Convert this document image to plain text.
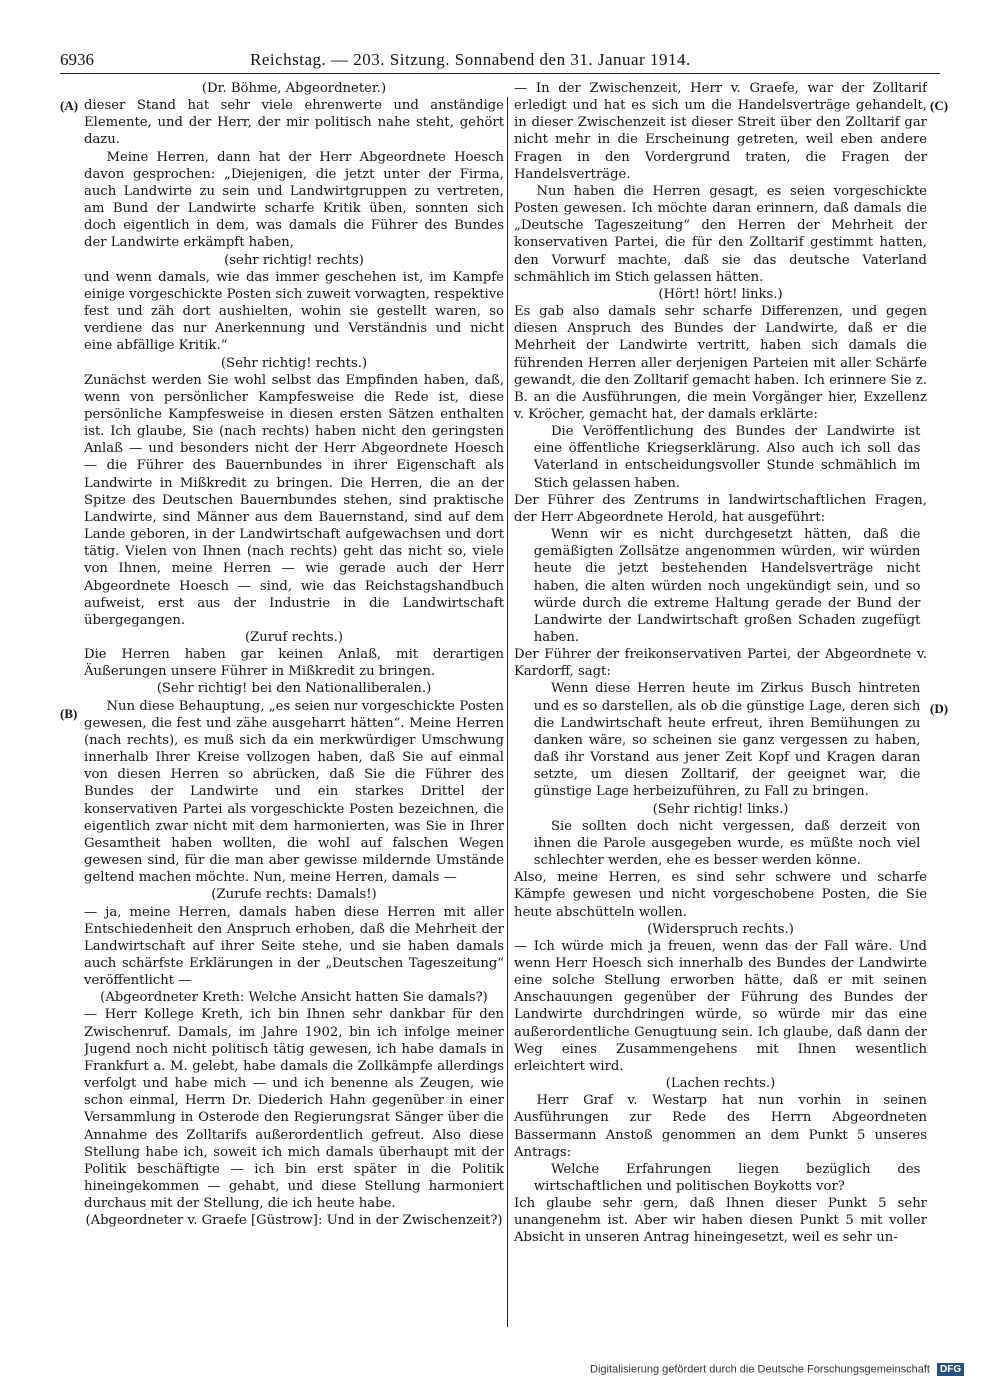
6936	Reichstag. — 203. Sitzung. Sonnabend den 31. Januar 1914.
(A)
(B)
(C)
(D)

(Dr. Böhme, Abgeordneter.)

dieser Stand hat sehr viele ehrenwerte und anständige Elemente, und der Herr, der mir politisch nahe steht, gehört dazu.

Meine Herren, dann hat der Herr Abgeordnete Hoesch davon gesprochen: „Diejenigen, die jetzt unter der Firma, auch Landwirte zu sein und Landwirtgruppen zu vertreten, am Bund der Landwirte scharfe Kritik üben, sonnten sich doch eigentlich in dem, was damals die Führer des Bundes der Landwirte erkämpft haben,

(sehr richtig! rechts)

und wenn damals, wie das immer geschehen ist, im Kampfe einige vorgeschickte Posten sich zuweit vorwagten, respektive fest und zäh dort aushielten, wohin sie gestellt waren, so verdiene das nur Anerkennung und Verständnis und nicht eine abfällige Kritik.“

(Sehr richtig! rechts.)

Zunächst werden Sie wohl selbst das Empfinden haben, daß, wenn von persönlicher Kampfesweise die Rede ist, diese persönliche Kampfesweise in diesen ersten Sätzen enthalten ist. Ich glaube, Sie (nach rechts) haben nicht den geringsten Anlaß — und besonders nicht der Herr Abgeordnete Hoesch — die Führer des Bauernbundes in ihrer Eigenschaft als Landwirte in Mißkredit zu bringen. Die Herren, die an der Spitze des Deutschen Bauernbundes stehen, sind praktische Landwirte, sind Männer aus dem Bauernstand, sind auf dem Lande geboren, in der Landwirtschaft aufgewachsen und dort tätig. Vielen von Ihnen (nach rechts) geht das nicht so, viele von Ihnen, meine Herren — wie gerade auch der Herr Abgeordnete Hoesch — sind, wie das Reichstagshandbuch aufweist, erst aus der Industrie in die Landwirtschaft übergegangen.

(Zuruf rechts.)

Die Herren haben gar keinen Anlaß, mit derartigen Äußerungen unsere Führer in Mißkredit zu bringen.

(Sehr richtig! bei den Nationalliberalen.)

Nun diese Behauptung, „es seien nur vorgeschickte Posten gewesen, die fest und zähe ausgeharrt hätten“. Meine Herren (nach rechts), es muß sich da ein merkwürdiger Umschwung innerhalb Ihrer Kreise vollzogen haben, daß Sie auf einmal von diesen Herren so abrücken, daß Sie die Führer des Bundes der Landwirte und ein starkes Drittel der konservativen Partei als vorgeschickte Posten bezeichnen, die eigentlich zwar nicht mit dem harmonierten, was Sie in Ihrer Gesamtheit haben wollten, die wohl auf falschen Wegen gewesen sind, für die man aber gewisse mildernde Umstände geltend machen möchte. Nun, meine Herren, damals —

(Zurufe rechts: Damals!)

— ja, meine Herren, damals haben diese Herren mit aller Entschiedenheit den Anspruch erhoben, daß die Mehrheit der Landwirtschaft auf ihrer Seite stehe, und sie haben damals auch schärfste Erklärungen in der „Deutschen Tageszeitung“ veröffentlicht —

(Abgeordneter Kreth: Welche Ansicht hatten Sie damals?)

— Herr Kollege Kreth, ich bin Ihnen sehr dankbar für den Zwischenruf. Damals, im Jahre 1902, bin ich infolge meiner Jugend noch nicht politisch tätig gewesen, ich habe damals in Frankfurt a. M. gelebt, habe damals die Zollkämpfe allerdings verfolgt und habe mich — und ich benenne als Zeugen, wie schon einmal, Herrn Dr. Diederich Hahn gegenüber in einer Versammlung in Osterode den Regierungsrat Sänger über die Annahme des Zolltarifs außerordentlich gefreut. Also diese Stellung habe ich, soweit ich mich damals überhaupt mit der Politik beschäftigte — ich bin erst später in die Politik hineingekommen — gehabt, und diese Stellung harmoniert durchaus mit der Stellung, die ich heute habe.

(Abgeordneter v. Graefe [Güstrow]: Und in der Zwischenzeit?)

— In der Zwischenzeit, Herr v. Graefe, war der Zolltarif erledigt und hat es sich um die Handelsverträge gehandelt, in dieser Zwischenzeit ist dieser Streit über den Zolltarif gar nicht mehr in die Erscheinung getreten, weil eben andere Fragen in den Vordergrund traten, die Fragen der Handelsverträge.

Nun haben die Herren gesagt, es seien vorgeschickte Posten gewesen. Ich möchte daran erinnern, daß damals die „Deutsche Tageszeitung“ den Herren der Mehrheit der konservativen Partei, die für den Zolltarif gestimmt hatten, den Vorwurf machte, daß sie das deutsche Vaterland schmählich im Stich gelassen hätten.

(Hört! hört! links.)

Es gab also damals sehr scharfe Differenzen, und gegen diesen Anspruch des Bundes der Landwirte, daß er die Mehrheit der Landwirte vertritt, haben sich damals die führenden Herren aller derjenigen Parteien mit aller Schärfe gewandt, die den Zolltarif gemacht haben. Ich erinnere Sie z. B. an die Ausführungen, die mein Vorgänger hier, Exzellenz v. Kröcher, gemacht hat, der damals erklärte:

Die Veröffentlichung des Bundes der Landwirte ist eine öffentliche Kriegserklärung. Also auch ich soll das Vaterland in entscheidungsvoller Stunde schmählich im Stich gelassen haben.

Der Führer des Zentrums in landwirtschaftlichen Fragen, der Herr Abgeordnete Herold, hat ausgeführt:

Wenn wir es nicht durchgesetzt hätten, daß die gemäßigten Zollsätze angenommen würden, wir würden heute die jetzt bestehenden Handelsverträge nicht haben, die alten würden noch ungekündigt sein, und so würde durch die extreme Haltung gerade der Bund der Landwirte der Landwirtschaft großen Schaden zugefügt haben.

Der Führer der freikonservativen Partei, der Abgeordnete v. Kardorff, sagt:

Wenn diese Herren heute im Zirkus Busch hintreten und es so darstellen, als ob die günstige Lage, deren sich die Landwirtschaft heute erfreut, ihren Bemühungen zu danken wäre, so scheinen sie ganz vergessen zu haben, daß ihr Vorstand aus jener Zeit Kopf und Kragen daran setzte, um diesen Zolltarif, der geeignet war, die günstige Lage herbeizuführen, zu Fall zu bringen.

(Sehr richtig! links.)

Sie sollten doch nicht vergessen, daß derzeit von ihnen die Parole ausgegeben wurde, es müßte noch viel schlechter werden, ehe es besser werden könne.

Also, meine Herren, es sind sehr schwere und scharfe Kämpfe gewesen und nicht vorgeschobene Posten, die Sie heute abschütteln wollen.

(Widerspruch rechts.)

— Ich würde mich ja freuen, wenn das der Fall wäre. Und wenn Herr Hoesch sich innerhalb des Bundes der Landwirte eine solche Stellung erworben hätte, daß er mit seinen Anschauungen gegenüber der Führung des Bundes der Landwirte durchdringen würde, so würde mir das eine außerordentliche Genugtuung sein. Ich glaube, daß dann der Weg eines Zusammengehens mit Ihnen wesentlich erleichtert wird.

(Lachen rechts.)

Herr Graf v. Westarp hat nun vorhin in seinen Ausführungen zur Rede des Herrn Abgeordneten Bassermann Anstoß genommen an dem Punkt 5 unseres Antrags:

Welche Erfahrungen liegen bezüglich des wirtschaftlichen und politischen Boykotts vor?

Ich glaube sehr gern, daß Ihnen dieser Punkt 5 sehr unangenehm ist. Aber wir haben diesen Punkt 5 mit voller Absicht in unseren Antrag hineingesetzt, weil es sehr un-

Digitalisierung gefördert durch die Deutsche Forschungsgemeinschaft DFG
